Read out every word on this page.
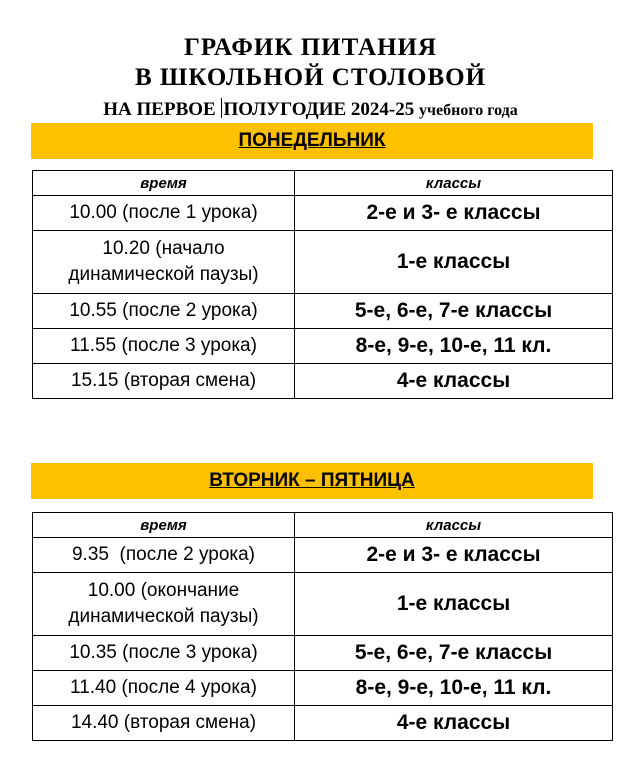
ГРАФИК ПИТАНИЯ
В ШКОЛЬНОЙ СТОЛОВОЙ
НА ПЕРВОЕ ПОЛУГОДИЕ 2024-25 учебного года
ПОНЕДЕЛЬНИК
время	классы
10.00 (после 1 урока)	2-е и 3- е классы
10.20 (начало
динамической паузы)	1-е классы
10.55 (после 2 урока)	5-е, 6-е, 7-е классы
11.55 (после 3 урока)	8-е, 9-е, 10-е, 11 кл.
15.15 (вторая смена)	4-е классы
ВТОРНИК – ПЯТНИЦА
время	классы
9.35  (после 2 урока)	2-е и 3- е классы
10.00 (окончание
динамической паузы)	1-е классы
10.35 (после 3 урока)	5-е, 6-е, 7-е классы
11.40 (после 4 урока)	8-е, 9-е, 10-е, 11 кл.
14.40 (вторая смена)	4-е классы
